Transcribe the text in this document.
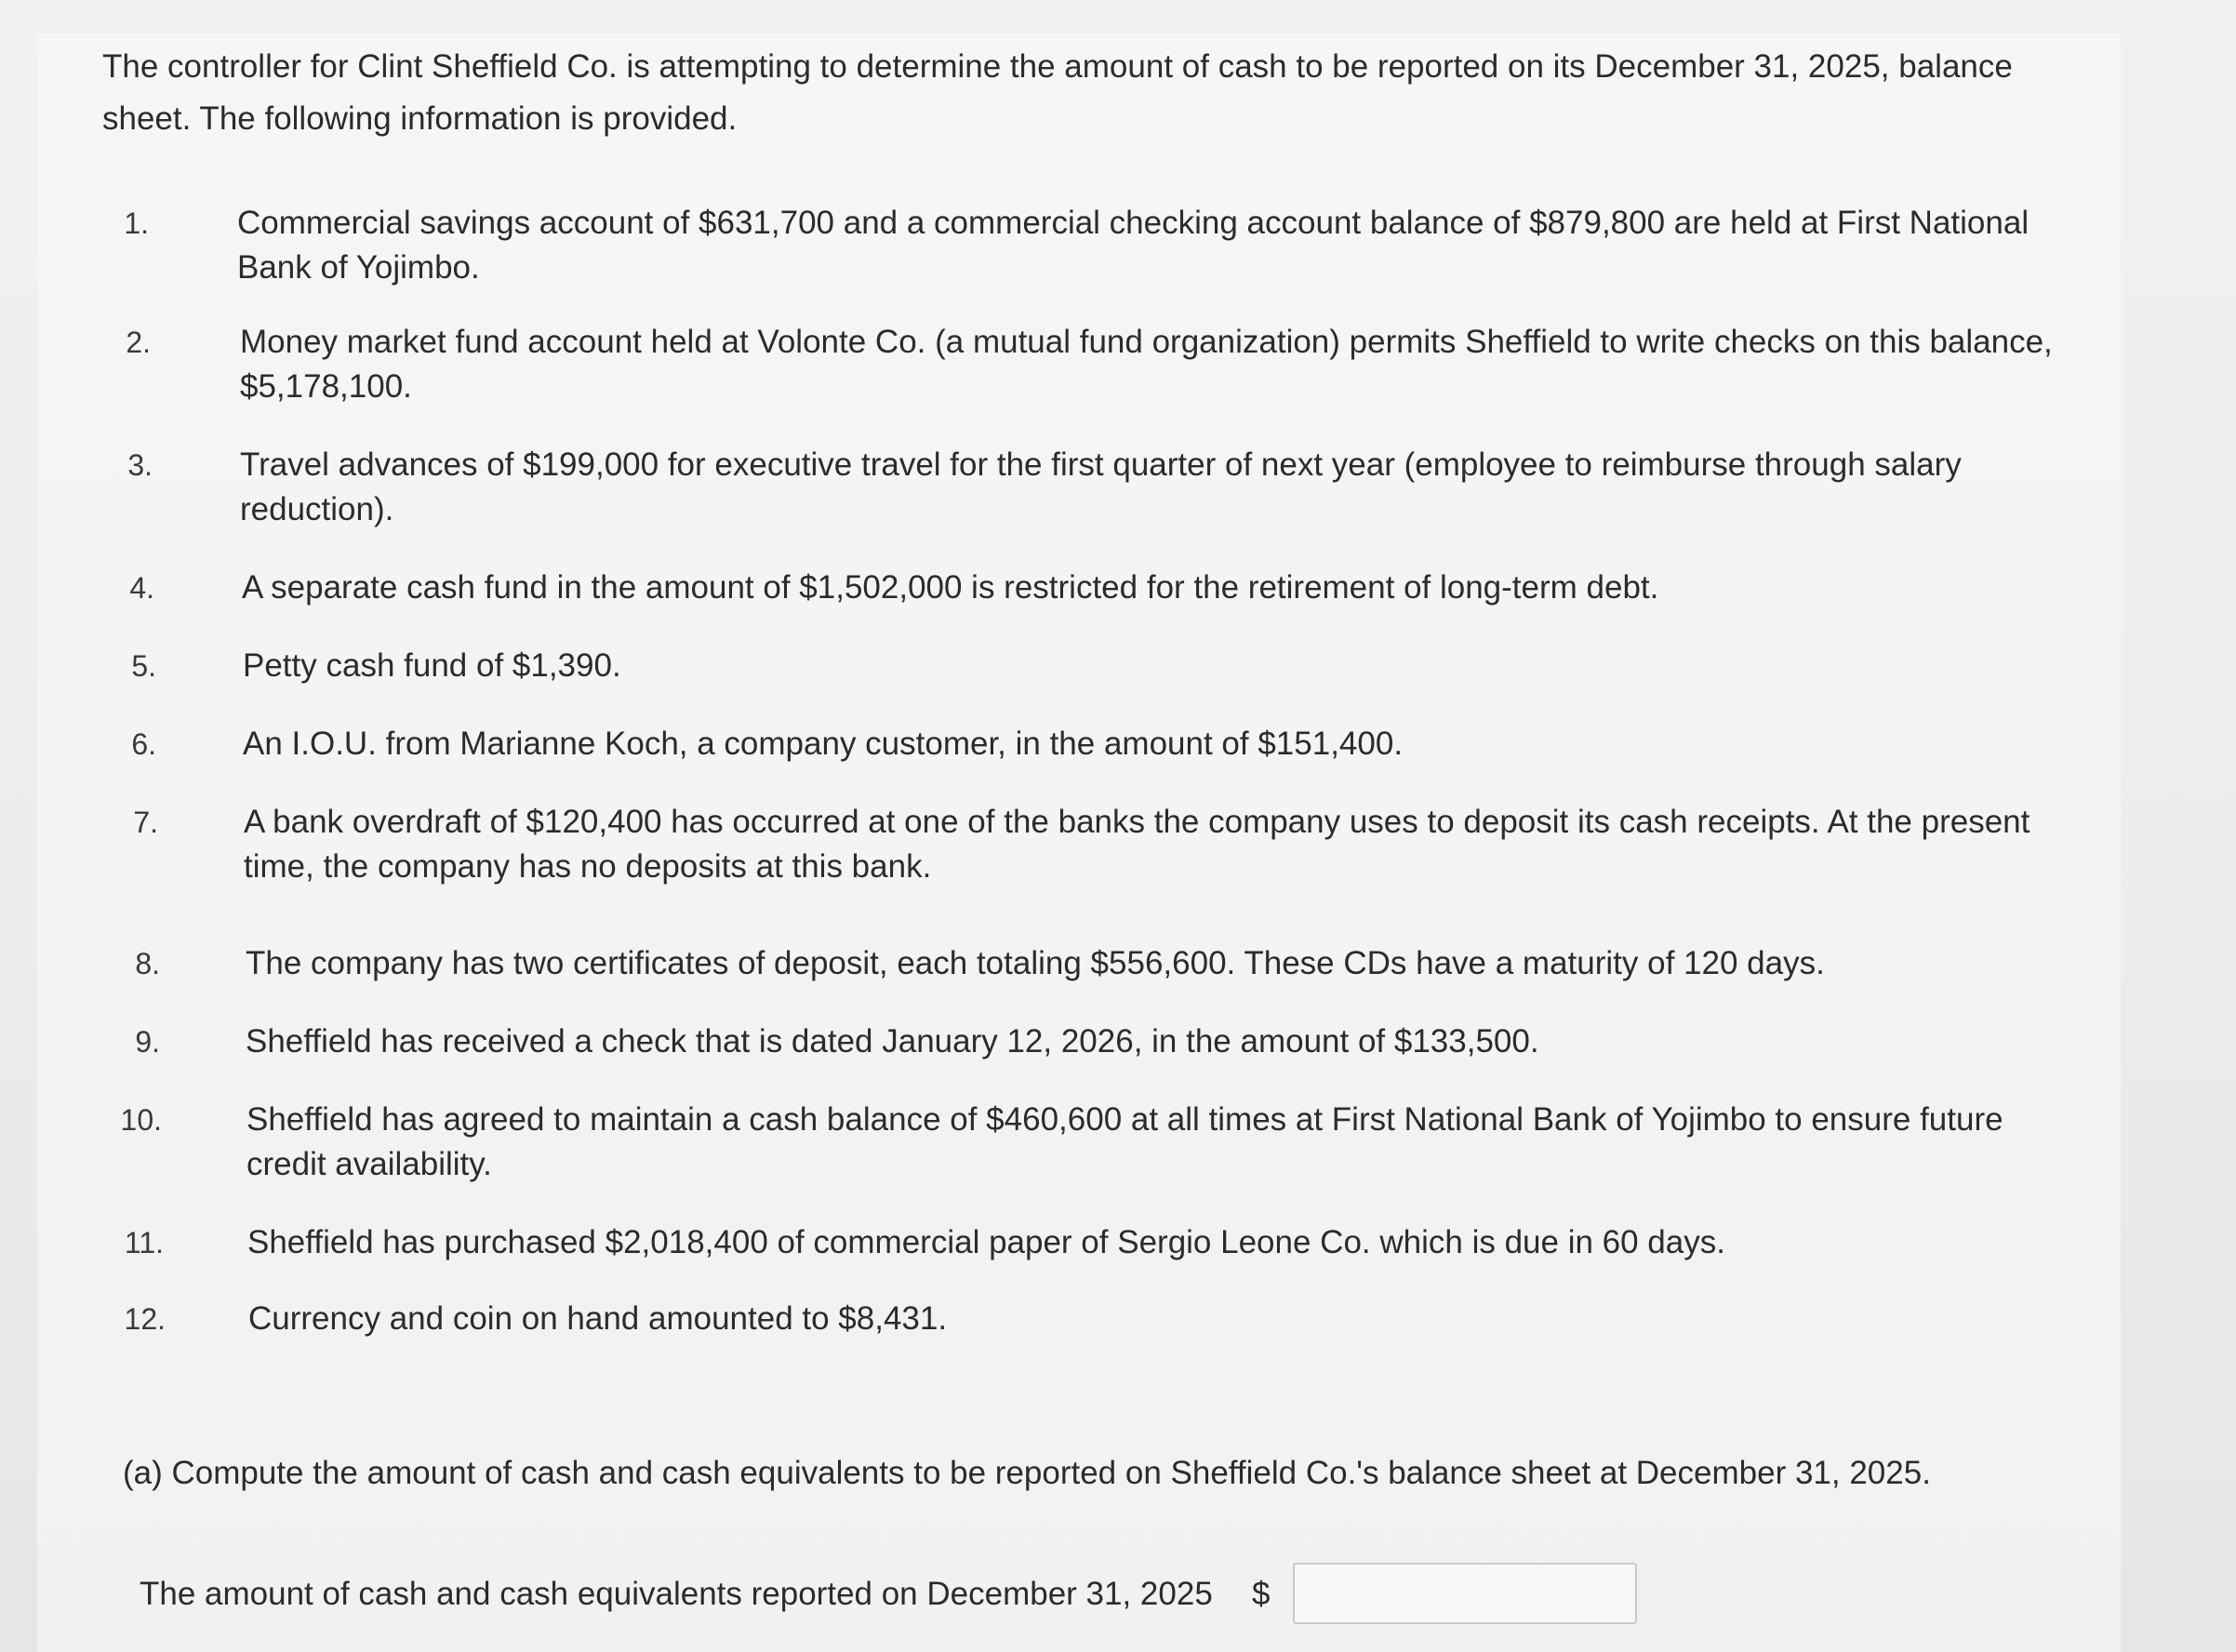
The controller for Clint Sheffield Co. is attempting to determine the amount of cash to be reported on its December 31, 2025, balance sheet. The following information is provided.

1.	Commercial savings account of $631,700 and a commercial checking account balance of $879,800 are held at First National Bank of Yojimbo.
2.	Money market fund account held at Volonte Co. (a mutual fund organization) permits Sheffield to write checks on this balance, $5,178,100.
3.	Travel advances of $199,000 for executive travel for the first quarter of next year (employee to reimburse through salary reduction).
4.	A separate cash fund in the amount of $1,502,000 is restricted for the retirement of long-term debt.
5.	Petty cash fund of $1,390.
6.	An I.O.U. from Marianne Koch, a company customer, in the amount of $151,400.
7.	A bank overdraft of $120,400 has occurred at one of the banks the company uses to deposit its cash receipts. At the present time, the company has no deposits at this bank.
8.	The company has two certificates of deposit, each totaling $556,600. These CDs have a maturity of 120 days.
9.	Sheffield has received a check that is dated January 12, 2026, in the amount of $133,500.
10.	Sheffield has agreed to maintain a cash balance of $460,600 at all times at First National Bank of Yojimbo to ensure future credit availability.
11.	Sheffield has purchased $2,018,400 of commercial paper of Sergio Leone Co. which is due in 60 days.
12.	Currency and coin on hand amounted to $8,431.

(a) Compute the amount of cash and cash equivalents to be reported on Sheffield Co.'s balance sheet at December 31, 2025.

The amount of cash and cash equivalents reported on December 31, 2025 $
